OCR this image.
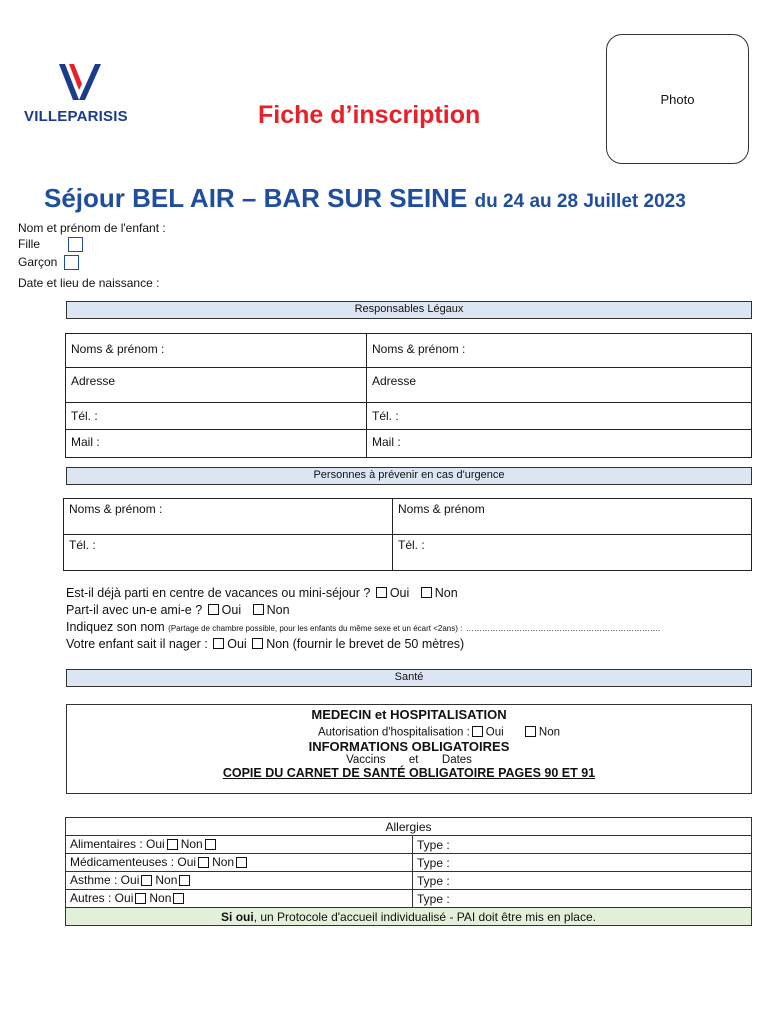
VILLEPARISIS	Fiche d’inscription
Photo
Séjour BEL AIR – BAR SUR SEINE du 24 au 28 Juillet 2023
Nom et prénom de l'enfant :
Fille
Garçon
Date et lieu de naissance :
Responsables Légaux
Noms & prénom :	Noms & prénom :
Adresse	Adresse
Tél. :	Tél. :
Mail :	Mail :
Personnes à prévenir en cas d'urgence
Noms & prénom :	Noms & prénom
Tél. :	Tél. :
Est-il déjà parti en centre de vacances ou mini-séjour ? Oui Non
Part-il avec un-e ami-e ? Oui Non
Indiquez son nom (Partage de chambre possible, pour les enfants du même sexe et un écart <2ans) : ……………………………………………………………….
Votre enfant sait il nager : Oui Non (fournir le brevet de 50 mètres)
Santé
MEDECIN et HOSPITALISATION
Autorisation d'hospitalisation : Oui	Non
INFORMATIONS OBLIGATOIRES
Vaccins et Dates
COPIE DU CARNET DE SANTÉ OBLIGATOIRE PAGES 90 ET 91
Allergies	
Alimentaires : Oui Non	Type :
Médicamenteuses : Oui Non	Type :
Asthme : Oui Non	Type :
Autres : Oui Non	Type :
Si oui, un Protocole d'accueil individualisé - PAI doit être mis en place.	
